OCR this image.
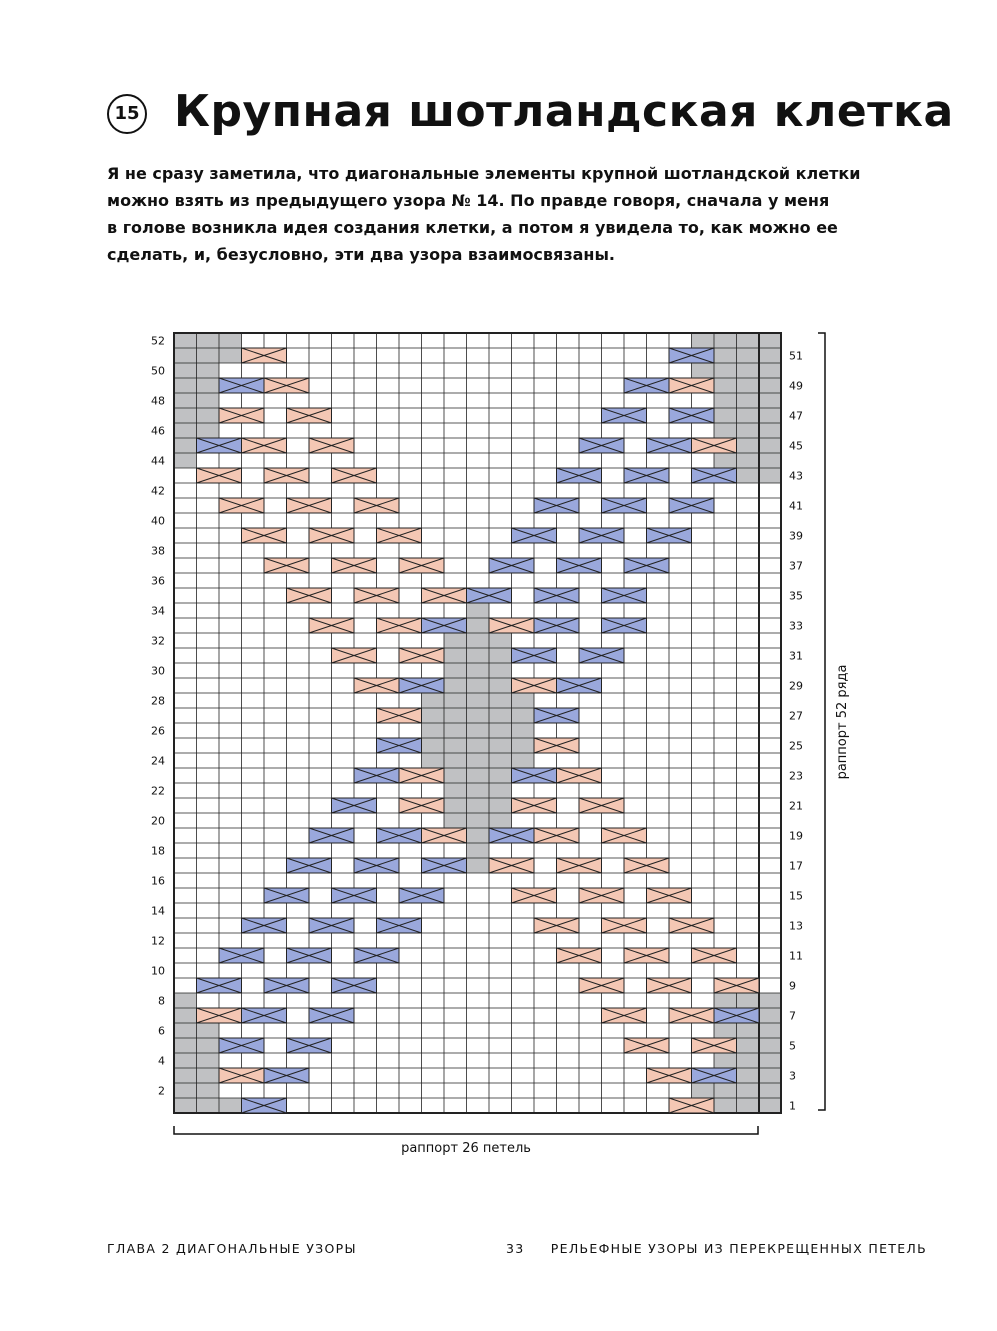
15 Крупная шотландская клетка
Я не сразу заметила, что диагональные элементы крупной шотландской клетки
можно взять из предыдущего узора № 14. По правде говоря, сначала у меня
в голове возникла идея создания клетки, а потом я увидела то, как можно ее
сделать, и, безусловно, эти два узора взаимосвязаны.
2
4
6
8
10
12
14
16
18
20
22
24
26
28
30
32
34
36
38
40
42
44
46
48
50
52
1
3
5
7
9
11
13
15
17
19
21
23
25
27
29
31
33
35
37
39
41
43
45
47
49
51
раппорт 26 петель
раппорт 52 ряда
ГЛАВА 2 ДИАГОНАЛЬНЫЕ УЗОРЫ	33 РЕЛЬЕФНЫЕ УЗОРЫ ИЗ ПЕРЕКРЕЩЕННЫХ ПЕТЕЛЬ
